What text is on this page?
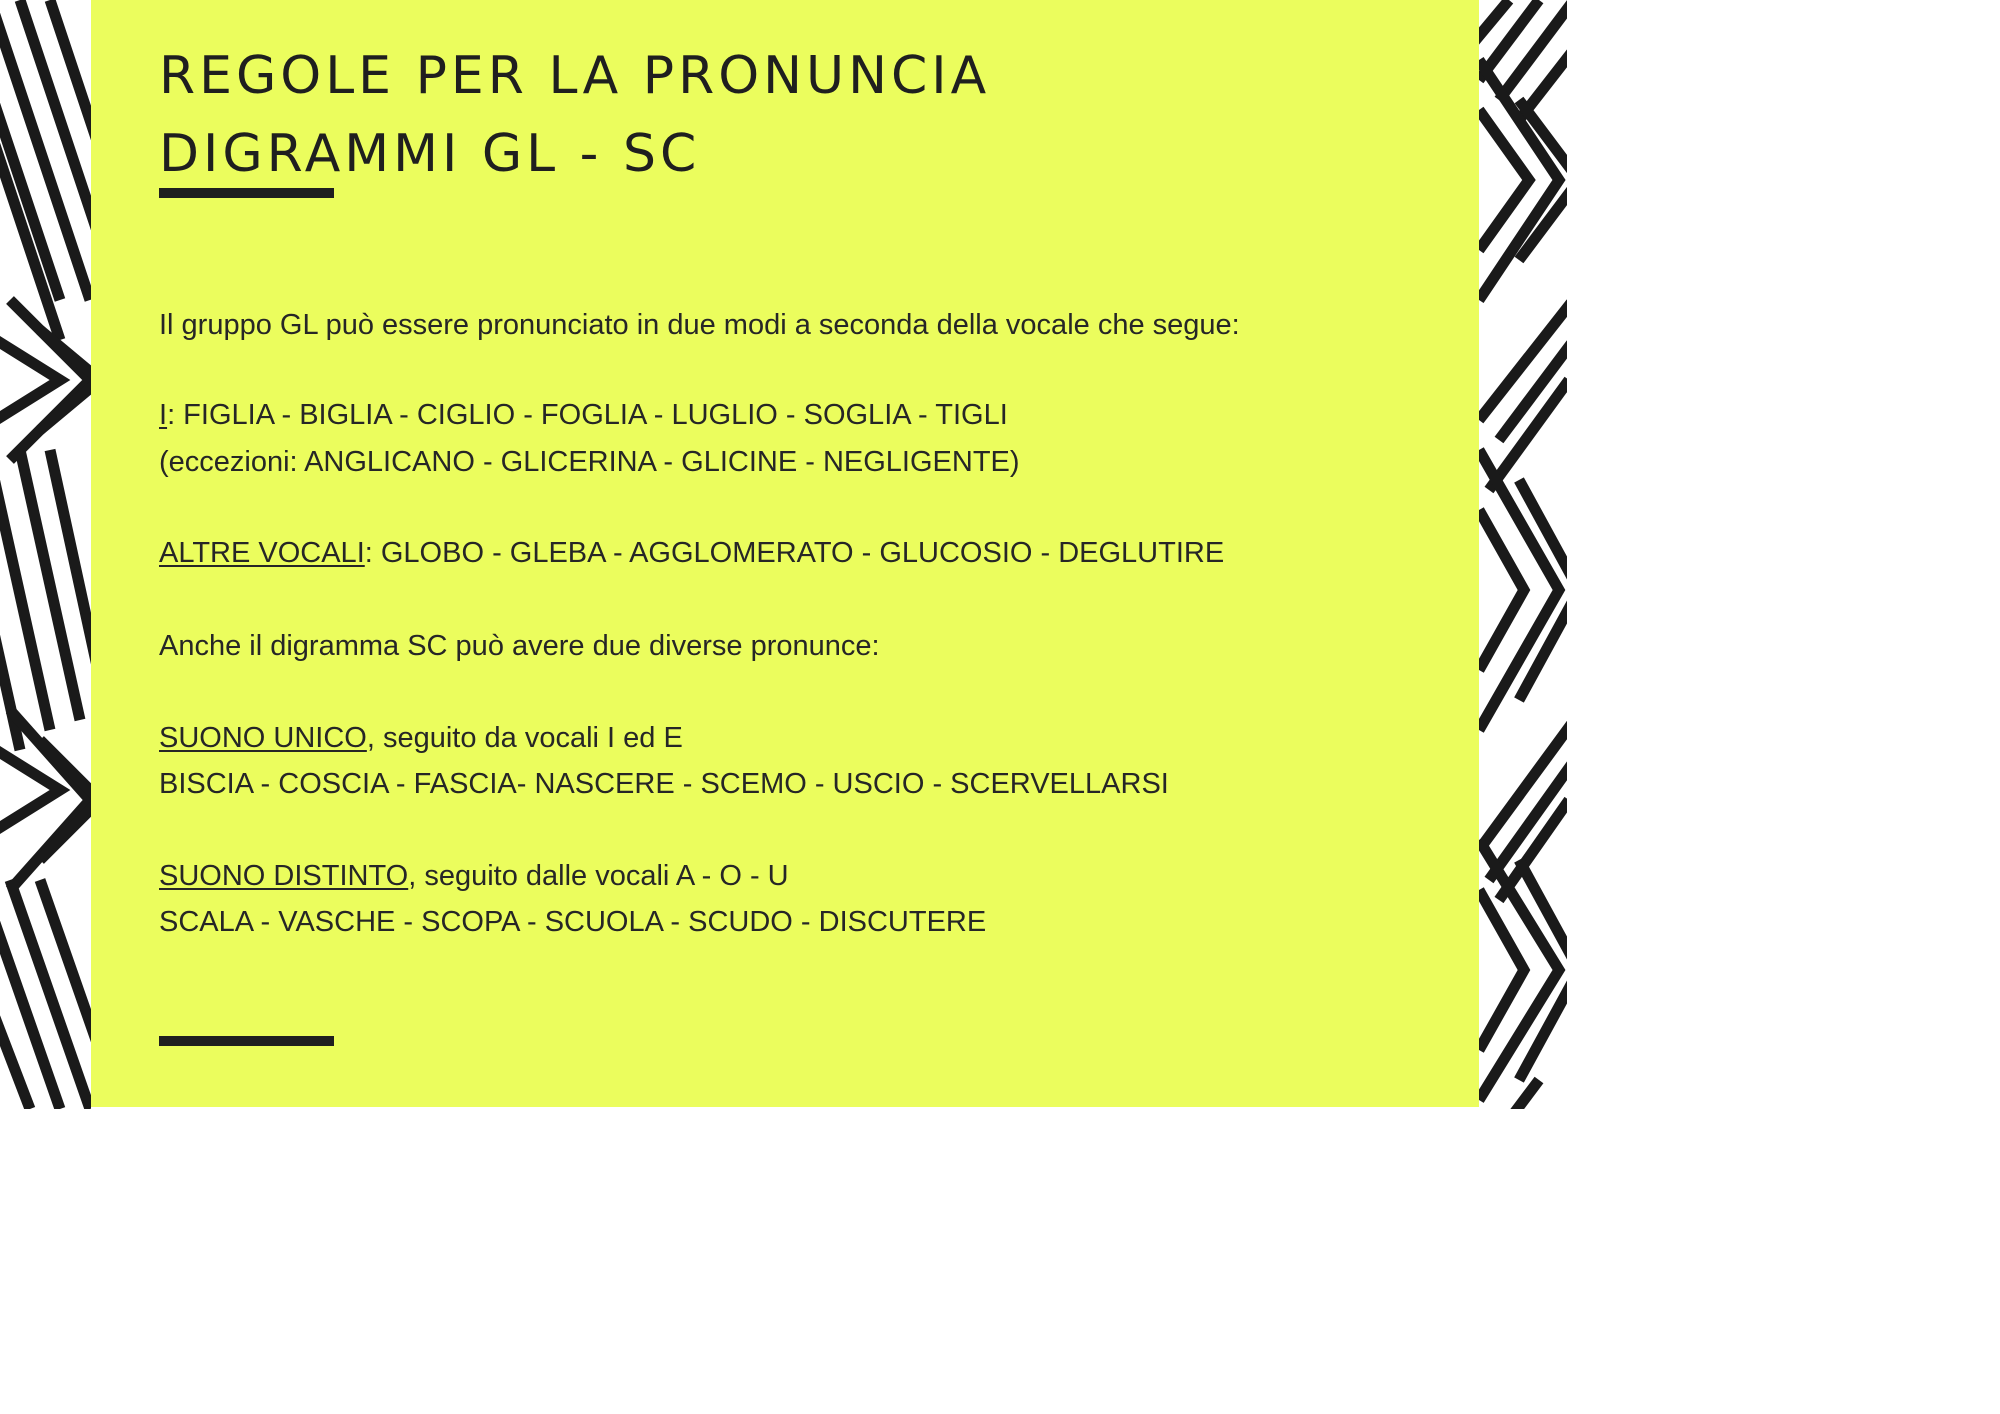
REGOLE PER LA PRONUNCIA
DIGRAMMI GL - SC

Il gruppo GL può essere pronunciato in due modi a seconda della vocale che segue:

I: FIGLIA - BIGLIA - CIGLIO - FOGLIA - LUGLIO - SOGLIA - TIGLI

(eccezioni: ANGLICANO - GLICERINA - GLICINE - NEGLIGENTE)

ALTRE VOCALI: GLOBO - GLEBA - AGGLOMERATO - GLUCOSIO - DEGLUTIRE

Anche il digramma SC può avere due diverse pronunce:

SUONO UNICO, seguito da vocali I ed E

BISCIA - COSCIA - FASCIA- NASCERE - SCEMO - USCIO - SCERVELLARSI

SUONO DISTINTO, seguito dalle vocali A - O - U

SCALA - VASCHE - SCOPA - SCUOLA - SCUDO - DISCUTERE
